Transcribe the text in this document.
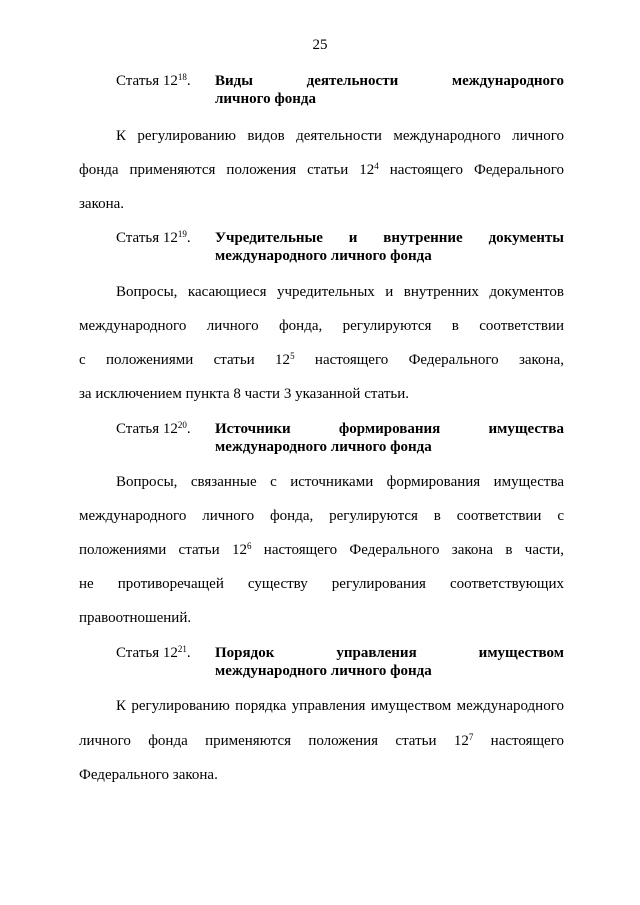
25
Статья $12^{18}$. Виды деятельности международного
личного фонда
К регулированию видов деятельности международного личного
фонда применяются положения статьи $12^4$ настоящего Федерального
закона.
Статья $12^{19}$. Учредительные и внутренние документы
международного личного фонда
Вопросы, касающиеся учредительных и внутренних документов
международного личного фонда, регулируются в соответствии
с положениями статьи $12^5$ настоящего Федерального закона,
за исключением пункта 8 части 3 указанной статьи.
Статья $12^{20}$. Источники формирования имущества
международного личного фонда
Вопросы, связанные с источниками формирования имущества
международного личного фонда, регулируются в соответствии с
положениями статьи $12^6$ настоящего Федерального закона в части,
не противоречащей существу регулирования соответствующих
правоотношений.
Статья $12^{21}$. Порядок управления имуществом
международного личного фонда
К регулированию порядка управления имуществом международного
личного фонда применяются положения статьи $12^7$ настоящего
Федерального закона.
